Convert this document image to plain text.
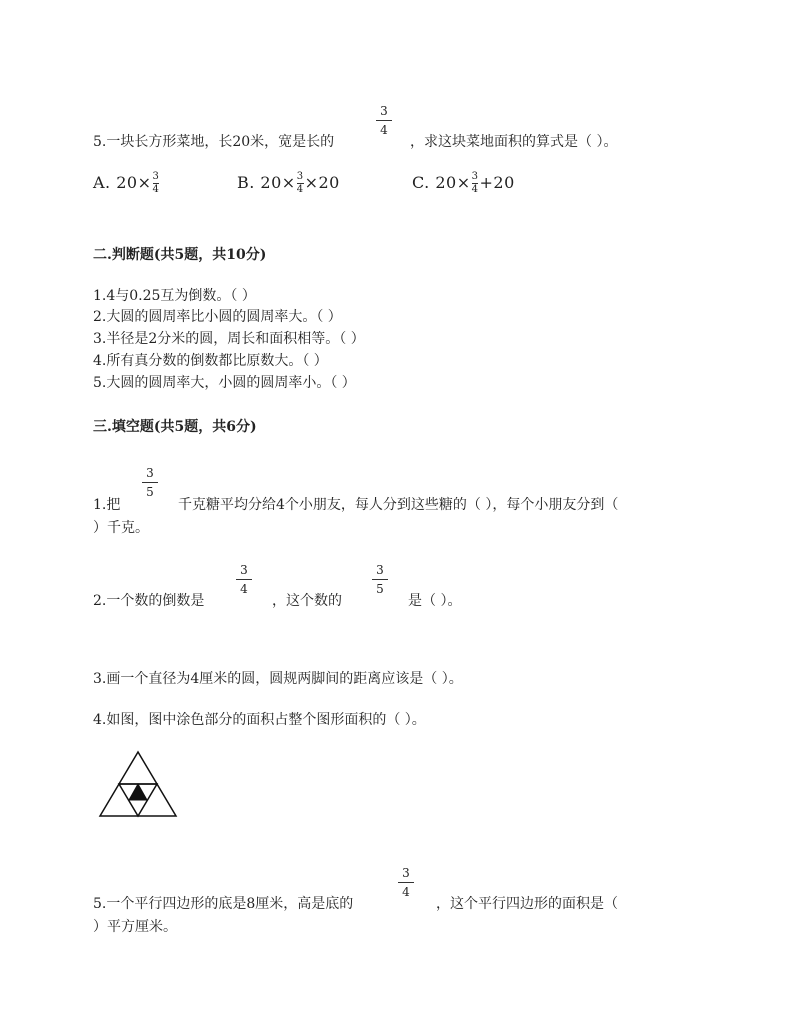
3
4
5.一块长方形菜地，长20米，宽是长的	，求这块菜地面积的算式是（ ）。
A. $20\times\frac{3}{4}$	B. $20\times\frac{3}{4}\times 20$	C. $20\times\frac{3}{4}+20$
二.判断题(共5题，共10分)
1.4与0.25互为倒数。（ ）
2.大圆的圆周率比小圆的圆周率大。（ ）
3.半径是2分米的圆，周长和面积相等。（ ）
4.所有真分数的倒数都比原数大。（ ）
5.大圆的圆周率大，小圆的圆周率小。（ ）
三.填空题(共5题，共6分)
3
5
1.把	千克糖平均分给4个小朋友，每人分到这些糖的（ ），每个小朋友分到（
）千克。
3
4
3
5
2.一个数的倒数是	，这个数的	是（ ）。
3.画一个直径为4厘米的圆，圆规两脚间的距离应该是（ ）。
4.如图，图中涂色部分的面积占整个图形面积的（ ）。
3
4
5.一个平行四边形的底是8厘米，高是底的	，这个平行四边形的面积是（
）平方厘米。
